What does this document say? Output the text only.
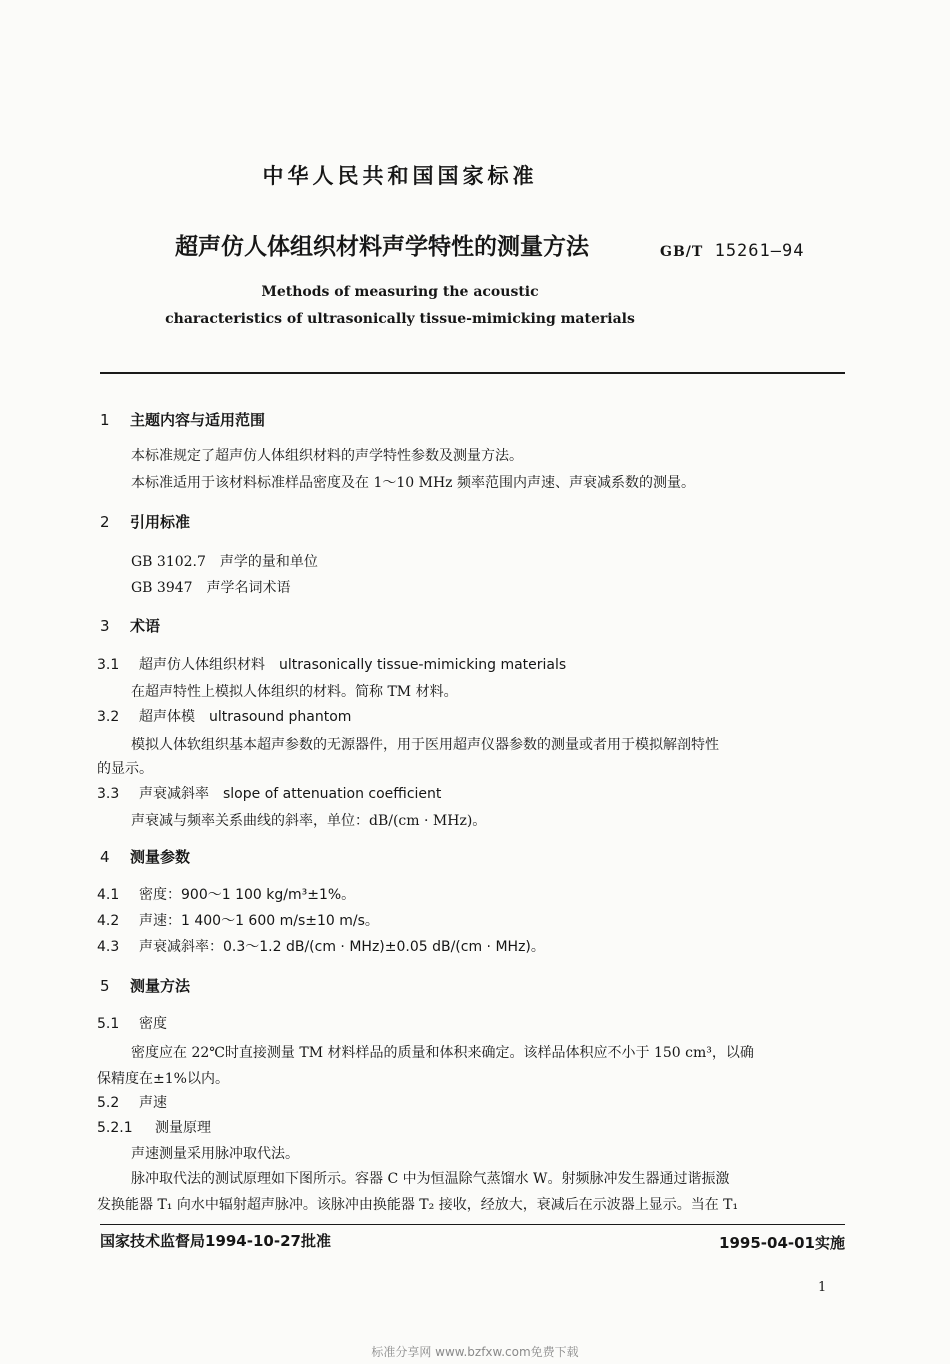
中华人民共和国国家标准
超声仿人体组织材料声学特性的测量方法	GB/T 15261—94
Methods of measuring the acoustic
characteristics of ultrasonically tissue-mimicking materials
1 主题内容与适用范围
本标准规定了超声仿人体组织材料的声学特性参数及测量方法。
本标准适用于该材料标准样品密度及在 1～10 MHz 频率范围内声速、声衰减系数的测量。
2 引用标准
GB 3102.7　声学的量和单位
GB 3947　声学名词术语
3 术语
3.1 超声仿人体组织材料　ultrasonically tissue-mimicking materials
在超声特性上模拟人体组织的材料。简称 TM 材料。
3.2 超声体模　ultrasound phantom
模拟人体软组织基本超声参数的无源器件，用于医用超声仪器参数的测量或者用于模拟解剖特性
的显示。
3.3 声衰减斜率　slope of attenuation coefficient
声衰减与频率关系曲线的斜率，单位：dB/(cm · MHz)。
4 测量参数
4.1 密度：900～1 100 kg/m³±1%。
4.2 声速：1 400～1 600 m/s±10 m/s。
4.3 声衰减斜率：0.3～1.2 dB/(cm · MHz)±0.05 dB/(cm · MHz)。
5 测量方法
5.1 密度
密度应在 22℃时直接测量 TM 材料样品的质量和体积来确定。该样品体积应不小于 150 cm³，以确
保精度在±1%以内。
5.2 声速
5.2.1 测量原理
声速测量采用脉冲取代法。
脉冲取代法的测试原理如下图所示。容器 C 中为恒温除气蒸馏水 W。射频脉冲发生器通过谐振激
发换能器 T₁ 向水中辐射超声脉冲。该脉冲由换能器 T₂ 接收，经放大，衰减后在示波器上显示。当在 T₁
国家技术监督局1994-10-27批准	1995-04-01实施
1
标准分享网 www.bzfxw.com免费下载
